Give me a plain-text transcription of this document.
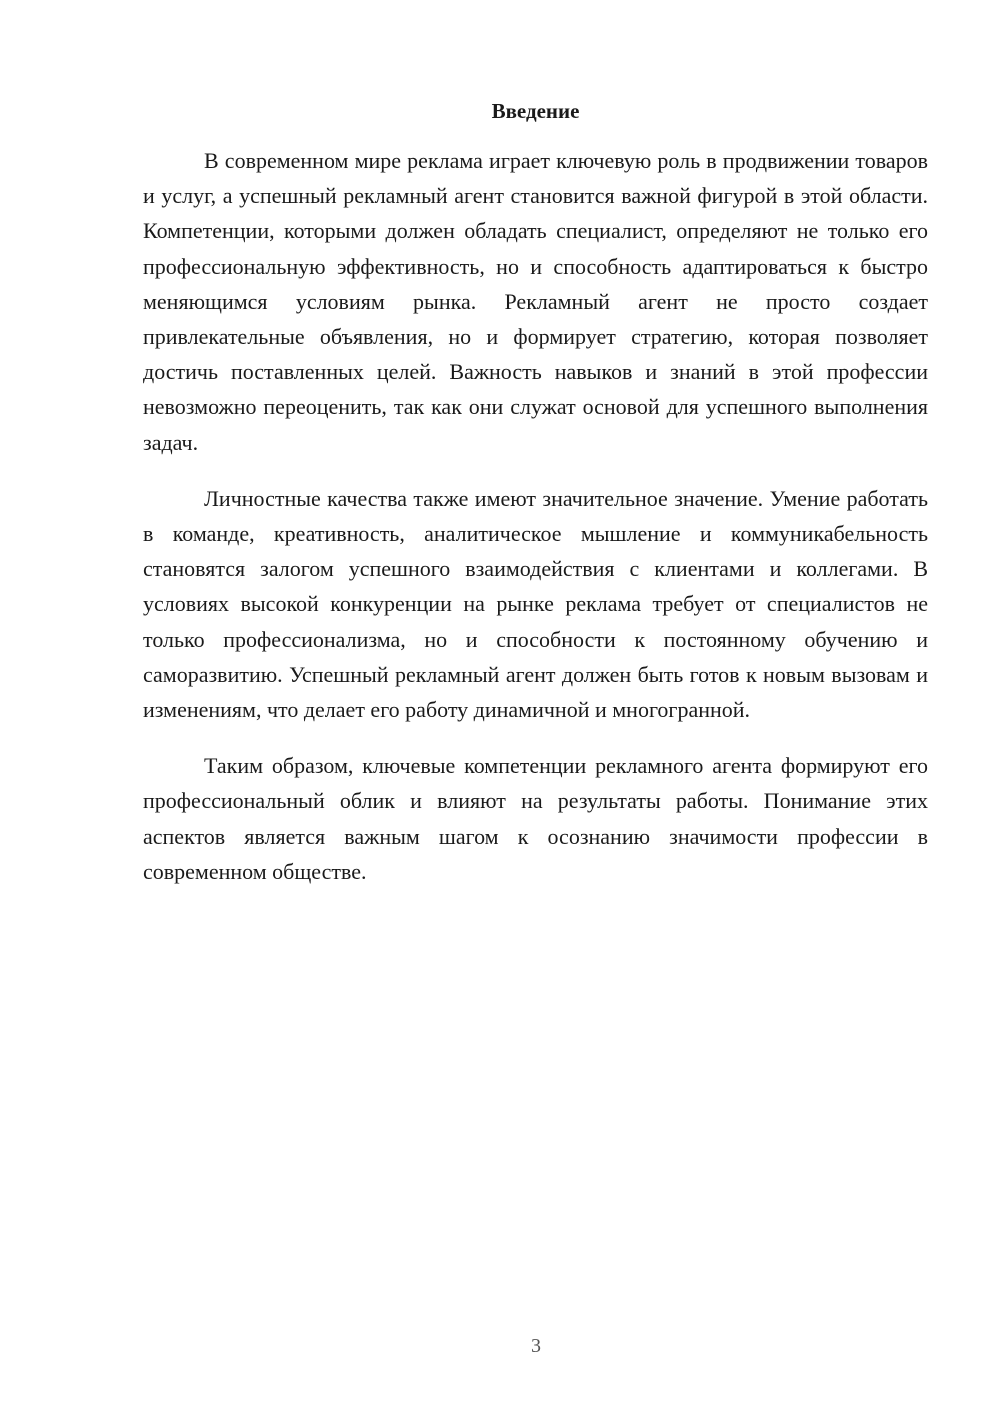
Введение

В современном мире реклама играет ключевую роль в продвижении товаров и услуг, а успешный рекламный агент становится важной фигурой в этой области. Компетенции, которыми должен обладать специалист, определяют не только его профессиональную эффективность, но и способность адаптироваться к быстро меняющимся условиям рынка. Рекламный агент не просто создает привлекательные объявления, но и формирует стратегию, которая позволяет достичь поставленных целей. Важность навыков и знаний в этой профессии невозможно переоценить, так как они служат основой для успешного выполнения задач.

Личностные качества также имеют значительное значение. Умение работать в команде, креативность, аналитическое мышление и коммуникабельность становятся залогом успешного взаимодействия с клиентами и коллегами. В условиях высокой конкуренции на рынке реклама требует от специалистов не только профессионализма, но и способности к постоянному обучению и саморазвитию. Успешный рекламный агент должен быть готов к новым вызовам и изменениям, что делает его работу динамичной и многогранной.

Таким образом, ключевые компетенции рекламного агента формируют его профессиональный облик и влияют на результаты работы. Понимание этих аспектов является важным шагом к осознанию значимости профессии в современном обществе.

3
